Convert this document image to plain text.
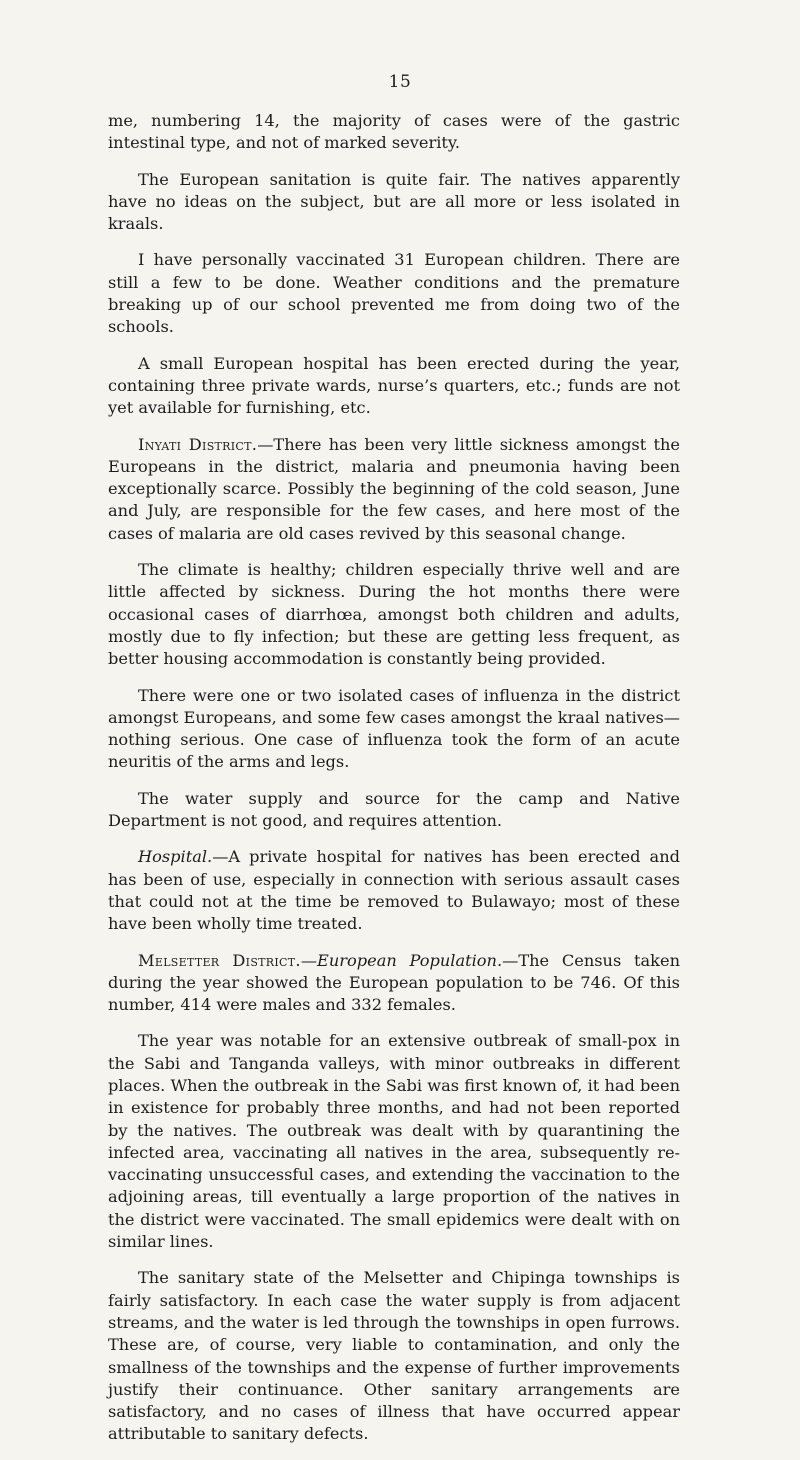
15

me, numbering 14, the majority of cases were of the gastric intestinal type, and not of marked severity.

The European sanitation is quite fair. The natives apparently have no ideas on the subject, but are all more or less isolated in kraals.

I have personally vaccinated 31 European children. There are still a few to be done. Weather conditions and the premature breaking up of our school prevented me from doing two of the schools.

A small European hospital has been erected during the year, containing three private wards, nurse’s quarters, etc.; funds are not yet available for furnishing, etc.

Inyati District.—There has been very little sickness amongst the Europeans in the district, malaria and pneumonia having been exceptionally scarce. Possibly the beginning of the cold season, June and July, are responsible for the few cases, and here most of the cases of malaria are old cases revived by this seasonal change.

The climate is healthy; children especially thrive well and are little affected by sickness. During the hot months there were occasional cases of diarrhœa, amongst both children and adults, mostly due to fly infection; but these are getting less frequent, as better housing accommodation is constantly being provided.

There were one or two isolated cases of influenza in the district amongst Europeans, and some few cases amongst the kraal natives—nothing serious. One case of influenza took the form of an acute neuritis of the arms and legs.

The water supply and source for the camp and Native Department is not good, and requires attention.

Hospital.—A private hospital for natives has been erected and has been of use, especially in connection with serious assault cases that could not at the time be removed to Bulawayo; most of these have been wholly time treated.

Melsetter District.—European Population.—The Census taken during the year showed the European population to be 746. Of this number, 414 were males and 332 females.

The year was notable for an extensive outbreak of small-pox in the Sabi and Tanganda valleys, with minor outbreaks in different places. When the outbreak in the Sabi was first known of, it had been in existence for probably three months, and had not been reported by the natives. The outbreak was dealt with by quarantining the infected area, vaccinating all natives in the area, subsequently re-vaccinating unsuccessful cases, and extending the vaccination to the adjoining areas, till eventually a large proportion of the natives in the district were vaccinated. The small epidemics were dealt with on similar lines.

The sanitary state of the Melsetter and Chipinga townships is fairly satisfactory. In each case the water supply is from adjacent streams, and the water is led through the townships in open furrows. These are, of course, very liable to contamination, and only the smallness of the townships and the expense of further improvements justify their continuance. Other sanitary arrangements are satisfactory, and no cases of illness that have occurred appear attributable to sanitary defects.
